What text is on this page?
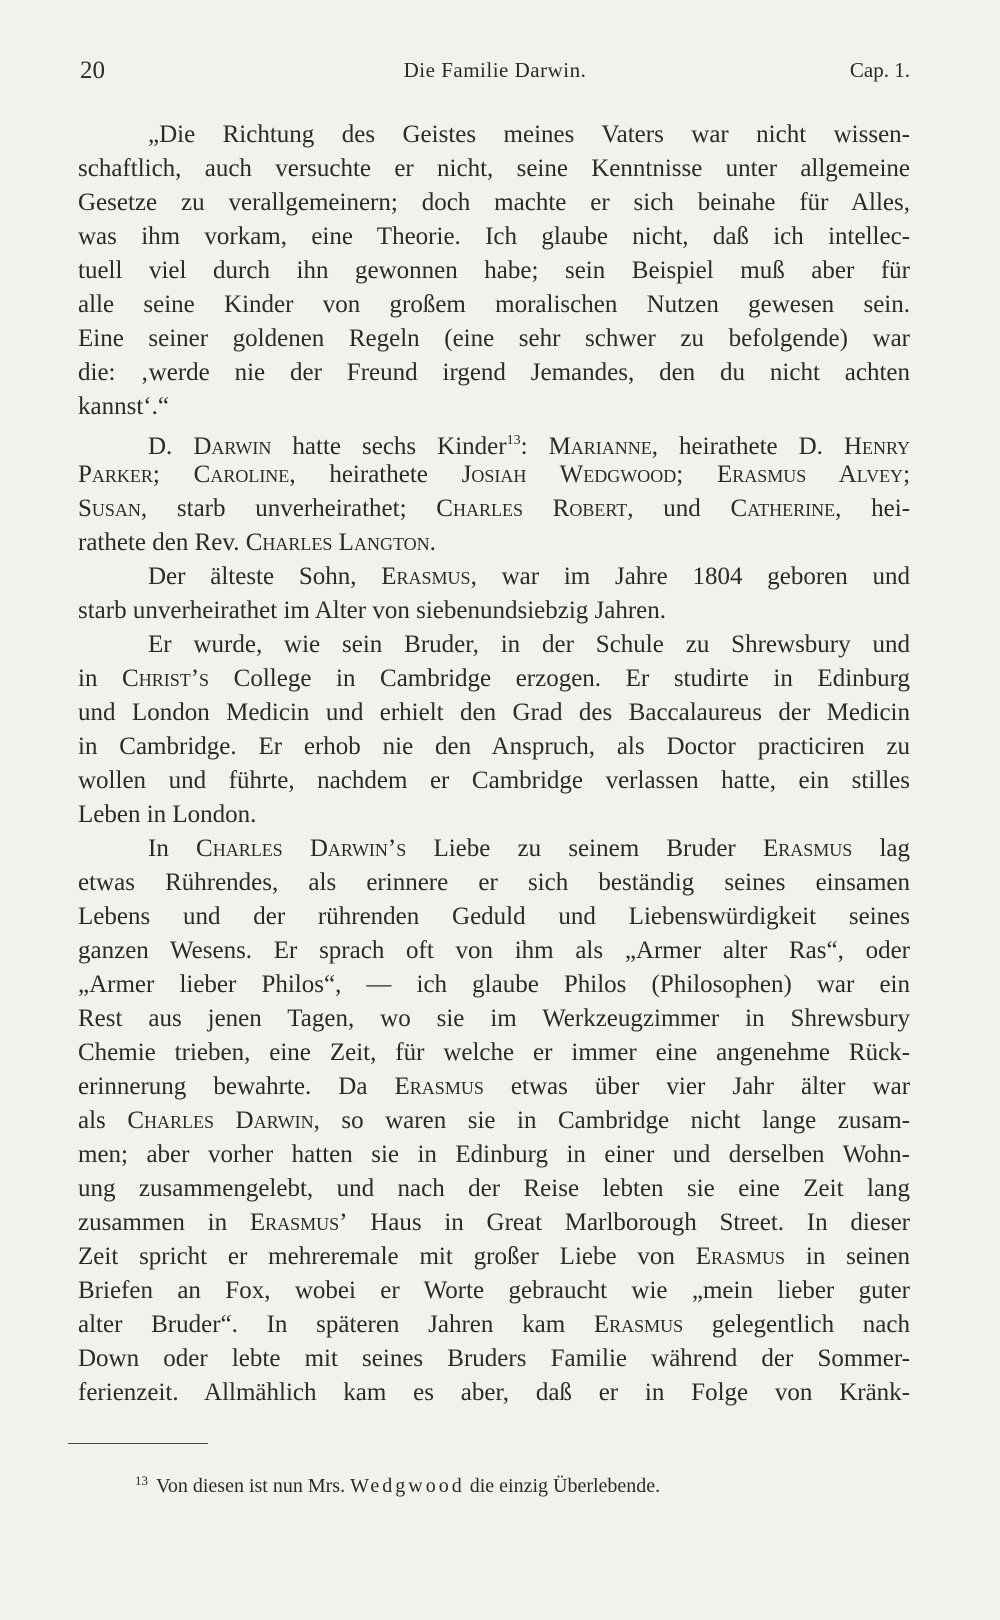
20	Die Familie Darwin.	Cap. 1.
„Die Richtung des Geistes meines Vaters war nicht wissen-
schaftlich, auch versuchte er nicht, seine Kenntnisse unter allgemeine
Gesetze zu verallgemeinern; doch machte er sich beinahe für Alles,
was ihm vorkam, eine Theorie. Ich glaube nicht, daß ich intellec-
tuell viel durch ihn gewonnen habe; sein Beispiel muß aber für
alle seine Kinder von großem moralischen Nutzen gewesen sein.
Eine seiner goldenen Regeln (eine sehr schwer zu befolgende) war
die: ‚werde nie der Freund irgend Jemandes, den du nicht achten
kannst‘.“
D. Darwin hatte sechs Kinder$^{13}$: Marianne, heirathete D. Henry
Parker; Caroline, heirathete Josiah Wedgwood; Erasmus Alvey;
Susan, starb unverheirathet; Charles Robert, und Catherine, hei-
rathete den Rev. Charles Langton.
Der älteste Sohn, Erasmus, war im Jahre 1804 geboren und
starb unverheirathet im Alter von siebenundsiebzig Jahren.
Er wurde, wie sein Bruder, in der Schule zu Shrewsbury und
in Christ’s College in Cambridge erzogen. Er studirte in Edinburg
und London Medicin und erhielt den Grad des Baccalaureus der Medicin
in Cambridge. Er erhob nie den Anspruch, als Doctor practiciren zu
wollen und führte, nachdem er Cambridge verlassen hatte, ein stilles
Leben in London.
In Charles Darwin’s Liebe zu seinem Bruder Erasmus lag
etwas Rührendes, als erinnere er sich beständig seines einsamen
Lebens und der rührenden Geduld und Liebenswürdigkeit seines
ganzen Wesens. Er sprach oft von ihm als „Armer alter Ras“, oder
„Armer lieber Philos“, — ich glaube Philos (Philosophen) war ein
Rest aus jenen Tagen, wo sie im Werkzeugzimmer in Shrewsbury
Chemie trieben, eine Zeit, für welche er immer eine angenehme Rück-
erinnerung bewahrte. Da Erasmus etwas über vier Jahr älter war
als Charles Darwin, so waren sie in Cambridge nicht lange zusam-
men; aber vorher hatten sie in Edinburg in einer und derselben Wohn-
ung zusammengelebt, und nach der Reise lebten sie eine Zeit lang
zusammen in Erasmus’ Haus in Great Marlborough Street. In dieser
Zeit spricht er mehreremale mit großer Liebe von Erasmus in seinen
Briefen an Fox, wobei er Worte gebraucht wie „mein lieber guter
alter Bruder“. In späteren Jahren kam Erasmus gelegentlich nach
Down oder lebte mit seines Bruders Familie während der Sommer-
ferienzeit. Allmählich kam es aber, daß er in Folge von Kränk-
$^{13}$ Von diesen ist nun Mrs. Wedgwood die einzig Überlebende.
